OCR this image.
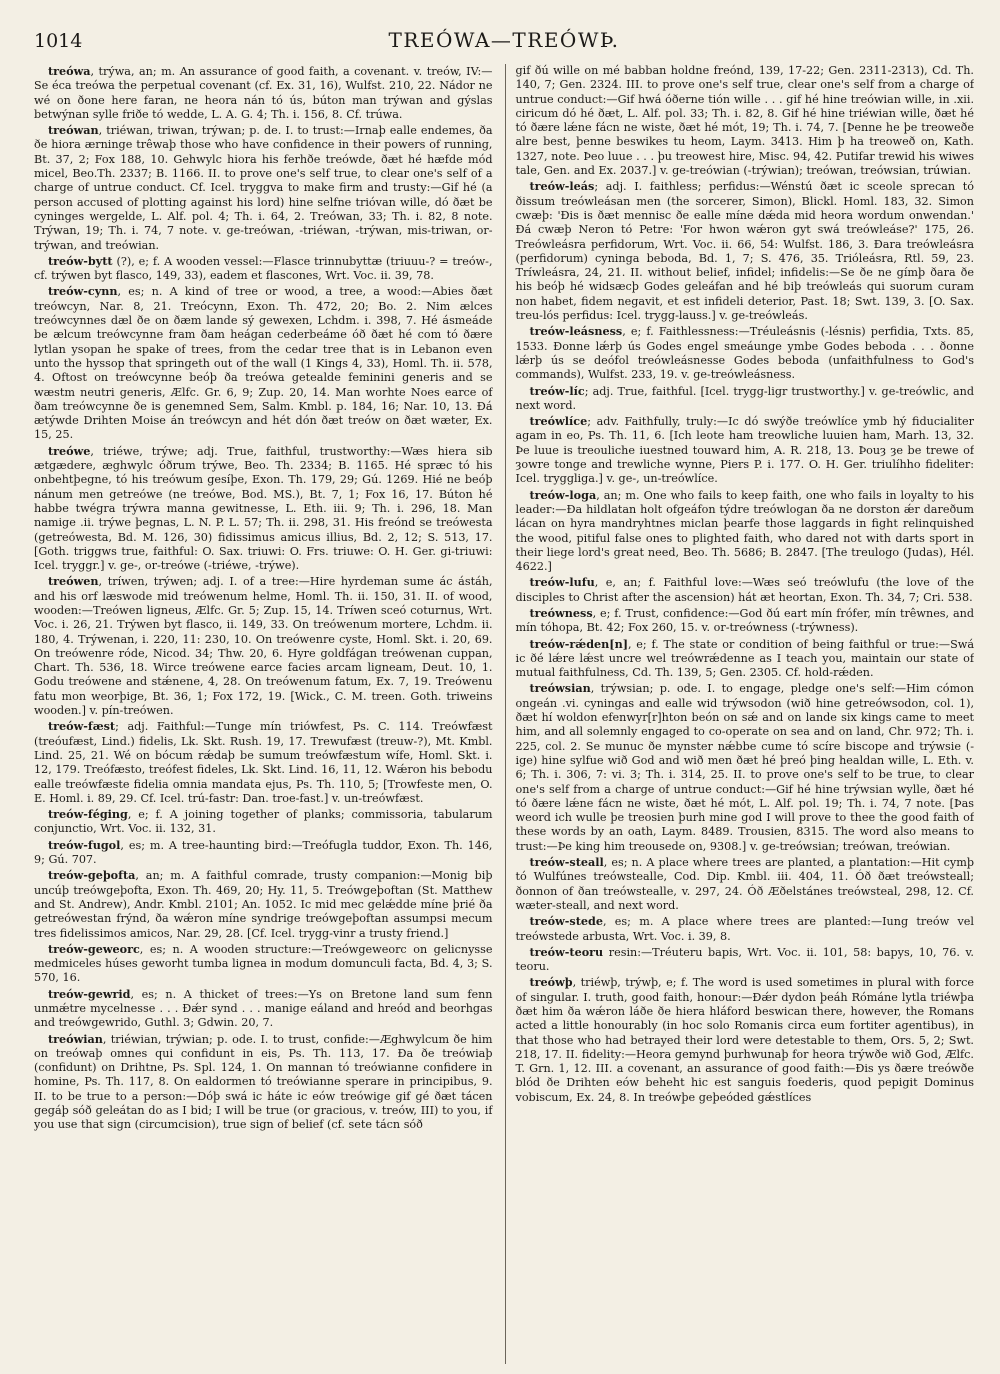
1014	TREÓWA—TREÓWÞ.

treówa, trýwa, an; m. An assurance of good faith, a covenant. v. treów, IV:—Se éca treówa the perpetual covenant (cf. Ex. 31, 16), Wulfst. 210, 22. Nádor ne wé on ðone here faran, ne heora nán tó ús, búton man trýwan and gýslas betwýnan sylle friðe tó wedde, L. A. G. 4; Th. i. 156, 8. Cf. trúwa.

treówan, triéwan, triwan, trýwan; p. de. I. to trust:—Irnaþ ealle endemes, ða ðe hiora ærninge trêwaþ those who have confidence in their powers of running, Bt. 37, 2; Fox 188, 10. Gehwylc hiora his ferhðe treówde, ðæt hé hæfde mód micel, Beo.Th. 2337; B. 1166. II. to prove one's self true, to clear one's self of a charge of untrue conduct. Cf. Icel. tryggva to make firm and trusty:—Gif hé (a person accused of plotting against his lord) hine selfne trióvan wille, dó ðæt be cyninges wergelde, L. Alf. pol. 4; Th. i. 64, 2. Treówan, 33; Th. i. 82, 8 note. Trýwan, 19; Th. i. 74, 7 note. v. ge-treówan, -triéwan, -trýwan, mis-triwan, or-trýwan, and treówian.

treów-bytt (?), e; f. A wooden vessel:—Flasce trinnubyttæ (triuuu-? = treów-, cf. trýwen byt flasco, 149, 33), eadem et flascones, Wrt. Voc. ii. 39, 78.

treów-cynn, es; n. A kind of tree or wood, a tree, a wood:—Abies ðæt treówcyn, Nar. 8, 21. Treócynn, Exon. Th. 472, 20; Bo. 2. Nim ælces treówcynnes dæl ðe on ðæm lande sý gewexen, Lchdm. i. 398, 7. Hé ásmeáde be ælcum treówcynne fram ðam heágan cederbeáme óð ðæt hé com tó ðære lytlan ysopan he spake of trees, from the cedar tree that is in Lebanon even unto the hyssop that springeth out of the wall (1 Kings 4, 33), Homl. Th. ii. 578, 4. Oftost on treówcynne beóþ ða treówa getealde feminini generis and se wæstm neutri generis, Ælfc. Gr. 6, 9; Zup. 20, 14. Man worhte Noes earce of ðam treówcynne ðe is genemned Sem, Salm. Kmbl. p. 184, 16; Nar. 10, 13. Ðá ætýwde Drihten Moise án treówcyn and hét dón ðæt treów on ðæt wæter, Ex. 15, 25.

treówe, triéwe, trýwe; adj. True, faithful, trustworthy:—Wæs hiera sib ætgædere, æghwylc óðrum trýwe, Beo. Th. 2334; B. 1165. Hé spræc tó his onbehtþegne, tó his treówum gesíþe, Exon. Th. 179, 29; Gú. 1269. Hié ne beóþ nánum men getreówe (ne treówe, Bod. MS.), Bt. 7, 1; Fox 16, 17. Búton hé habbe twégra trýwra manna gewitnesse, L. Eth. iii. 9; Th. i. 296, 18. Man namige .ii. trýwe þegnas, L. N. P. L. 57; Th. ii. 298, 31. His freónd se treówesta (getreówesta, Bd. M. 126, 30) fidissimus amicus illius, Bd. 2, 12; S. 513, 17. [Goth. triggws true, faithful: O. Sax. triuwi: O. Frs. triuwe: O. H. Ger. gi-triuwi: Icel. tryggr.] v. ge-, or-treówe (-triéwe, -trýwe).

treówen, tríwen, trýwen; adj. I. of a tree:—Hire hyrdeman sume ác ástáh, and his orf læswode mid treówenum helme, Homl. Th. ii. 150, 31. II. of wood, wooden:—Treówen ligneus, Ælfc. Gr. 5; Zup. 15, 14. Tríwen sceó coturnus, Wrt. Voc. i. 26, 21. Trýwen byt flasco, ii. 149, 33. On treówenum mortere, Lchdm. ii. 180, 4. Trýwenan, i. 220, 11: 230, 10. On treówenre cyste, Homl. Skt. i. 20, 69. On treówenre róde, Nicod. 34; Thw. 20, 6. Hyre goldfágan treówenan cuppan, Chart. Th. 536, 18. Wirce treówene earce facies arcam ligneam, Deut. 10, 1. Godu treówene and stǽnene, 4, 28. On treówenum fatum, Ex. 7, 19. Treówenu fatu mon weorþige, Bt. 36, 1; Fox 172, 19. [Wick., C. M. treen. Goth. triweins wooden.] v. pín-treówen.

treów-fæst; adj. Faithful:—Tunge mín triówfest, Ps. C. 114. Treówfæst (treóufæst, Lind.) fidelis, Lk. Skt. Rush. 19, 17. Trewufæst (treuw-?), Mt. Kmbl. Lind. 25, 21. Wé on bócum rǽdaþ be sumum treówfæstum wífe, Homl. Skt. i. 12, 179. Treófæsto, treófest fideles, Lk. Skt. Lind. 16, 11, 12. Wǽron his bebodu ealle treówfæste fidelia omnia mandata ejus, Ps. Th. 110, 5; [Trowfeste men, O. E. Homl. i. 89, 29. Cf. Icel. trú-fastr: Dan. troe-fast.] v. un-treówfæst.

treów-féging, e; f. A joining together of planks; commissoria, tabularum conjunctio, Wrt. Voc. ii. 132, 31.

treów-fugol, es; m. A tree-haunting bird:—Treófugla tuddor, Exon. Th. 146, 9; Gú. 707.

treów-geþofta, an; m. A faithful comrade, trusty companion:—Monig biþ uncúþ treówgeþofta, Exon. Th. 469, 20; Hy. 11, 5. Treówgeþoftan (St. Matthew and St. Andrew), Andr. Kmbl. 2101; An. 1052. Ic mid mec gelǽdde míne þrié ða getreówestan frýnd, ða wǽron míne syndrige treówgeþoftan assumpsi mecum tres fidelissimos amicos, Nar. 29, 28. [Cf. Icel. trygg-vinr a trusty friend.]

treów-geweorc, es; n. A wooden structure:—Treówgeweorc on gelicnysse medmiceles húses geworht tumba lignea in modum domunculi facta, Bd. 4, 3; S. 570, 16.

treów-gewrid, es; n. A thicket of trees:—Ys on Bretone land sum fenn unmǽtre mycelnesse . . . Ðǽr synd . . . manige eáland and hreód and beorhgas and treówgewrido, Guthl. 3; Gdwin. 20, 7.

treówian, triéwian, trýwian; p. ode. I. to trust, confide:—Æghwylcum ðe him on treówaþ omnes qui confidunt in eis, Ps. Th. 113, 17. Ða ðe treówiaþ (confidunt) on Drihtne, Ps. Spl. 124, 1. On mannan tó treówianne confidere in homine, Ps. Th. 117, 8. On ealdormen tó treówianne sperare in principibus, 9. II. to be true to a person:—Dóþ swá ic háte ic eów treówige gif gé ðæt tácen gegáþ sóð geleátan do as I bid; I will be true (or gracious, v. treów, III) to you, if you use that sign (circumcision), true sign of belief (cf. sete tácn sóð

gif ðú wille on mé babban holdne freónd, 139, 17-22; Gen. 2311-2313), Cd. Th. 140, 7; Gen. 2324. III. to prove one's self true, clear one's self from a charge of untrue conduct:—Gif hwá óðerne tión wille . . . gif hé hine treówian wille, in .xii. ciricum dó hé ðæt, L. Alf. pol. 33; Th. i. 82, 8. Gif hé hine triéwian wille, ðæt hé tó ðære lǽne fácn ne wiste, ðæt hé mót, 19; Th. i. 74, 7. [Þenne he þe treoweðe alre best, þenne beswikes tu heom, Laym. 3413. Him þ ha treoweð on, Kath. 1327, note. Þeo luue . . . þu treowest hire, Misc. 94, 42. Putifar trewid his wiwes tale, Gen. and Ex. 2037.] v. ge-treówian (-trýwian); treówan, treówsian, trúwian.

treów-leás; adj. I. faithless; perfidus:—Wénstú ðæt ic sceole sprecan tó ðissum treówleásan men (the sorcerer, Simon), Blickl. Homl. 183, 32. Simon cwæþ: 'Ðis is ðæt mennisc ðe ealle míne dǽda mid heora wordum onwendan.' Ðá cwæþ Neron tó Petre: 'For hwon wǽron gyt swá treówleáse?' 175, 26. Treówleásra perfidorum, Wrt. Voc. ii. 66, 54: Wulfst. 186, 3. Ðara treówleásra (perfidorum) cyninga beboda, Bd. 1, 7; S. 476, 35. Triólеásra, Rtl. 59, 23. Tríwleásra, 24, 21. II. without belief, infidel; infidelis:—Se ðe ne gímþ ðara ðe his beóþ hé widsæcþ Godes geleáfan and hé biþ treówleás qui suorum curam non habet, fidem negavit, et est infideli deterior, Past. 18; Swt. 139, 3. [O. Sax. treu-lós perfidus: Icel. trygg-lauss.] v. ge-treówleás.

treów-leásness, e; f. Faithlessness:—Tréuleásnis (-lésnis) perfidia, Txts. 85, 1533. Ðonne lǽrþ ús Godes engel smeáunge ymbe Godes beboda . . . ðonne lǽrþ ús se deófol treówleásnesse Godes beboda (unfaithfulness to God's commands), Wulfst. 233, 19. v. ge-treówleásness.

treów-líc; adj. True, faithful. [Icel. trygg-ligr trustworthy.] v. ge-treówlic, and next word.

treówlíce; adv. Faithfully, truly:—Ic dó swýðe treówlíce ymb hý fiducialiter agam in eo, Ps. Th. 11, 6. [Ich leote ham treowliche luuien ham, Marh. 13, 32. Þe luue is treouliche iuestned touward him, A. R. 218, 13. Þouȝ ȝe be trewe of ȝowre tonge and trewliche wynne, Piers P. i. 177. O. H. Ger. triulíhho fideliter: Icel. tryggliga.] v. ge-, un-treówlíce.

treów-loga, an; m. One who fails to keep faith, one who fails in loyalty to his leader:—Ða hildlatan holt ofgeáfon týdre treówlogan ða ne dorston ǽr dareðum lácan on hyra mandryhtnes miclan þearfe those laggards in fight relinquished the wood, pitiful false ones to plighted faith, who dared not with darts sport in their liege lord's great need, Beo. Th. 5686; B. 2847. [The treulogo (Judas), Hél. 4622.]

treów-lufu, e, an; f. Faithful love:—Wæs seó treówlufu (the love of the disciples to Christ after the ascension) hát æt heortan, Exon. Th. 34, 7; Cri. 538.

treówness, e; f. Trust, confidence:—God ðú eart mín frófer, mín trêwnes, and mín tóhopa, Bt. 42; Fox 260, 15. v. or-treówness (-trýwness).

treów-rǽden[n], e; f. The state or condition of being faithful or true:—Swá ic ðé lǽre lǽst uncre wel treówrǽdenne as I teach you, maintain our state of mutual faithfulness, Cd. Th. 139, 5; Gen. 2305. Cf. hold-rǽden.

treówsian, trýwsian; p. ode. I. to engage, pledge one's self:—Him cómon ongeán .vi. cyningas and ealle wid trýwsodon (wið hine getreówsodon, col. 1), ðæt hí woldon efenwyr[r]hton beón on sǽ and on lande six kings came to meet him, and all solemnly engaged to co-operate on sea and on land, Chr. 972; Th. i. 225, col. 2. Se munuc ðe mynster nǽbbe cume tó scíre biscope and trýwsie (-ige) hine sylfue wið God and wið men ðæt hé þreó þing healdan wille, L. Eth. v. 6; Th. i. 306, 7: vi. 3; Th. i. 314, 25. II. to prove one's self to be true, to clear one's self from a charge of untrue conduct:—Gif hé hine trýwsian wylle, ðæt hé tó ðære lǽne fácn ne wiste, ðæt hé mót, L. Alf. pol. 19; Th. i. 74, 7 note. [Þas weord ich wulle þe treosien þurh mine god I will prove to thee the good faith of these words by an oath, Laym. 8489. Trousien, 8315. The word also means to trust:—Þe king him treousede on, 9308.] v. ge-treówsian; treówan, treówian.

treów-steall, es; n. A place where trees are planted, a plantation:—Hit cymþ tó Wulfúnes treówstealle, Cod. Dip. Kmbl. iii. 404, 11. Óð ðæt treówsteall; ðonnon of ðan treówstealle, v. 297, 24. Óð Æðelstánes treówsteal, 298, 12. Cf. wæter-steall, and next word.

treów-stede, es; m. A place where trees are planted:—Iung treów vel treówstede arbusta, Wrt. Voc. i. 39, 8.

treów-teoru resin:—Tréuteru bapis, Wrt. Voc. ii. 101, 58: bapys, 10, 76. v. teoru.

treówþ, triéwþ, trýwþ, e; f. The word is used sometimes in plural with force of singular. I. truth, good faith, honour:—Ðǽr dydon þeáh Rómáne lytla triéwþa ðæt him ða wǽron láðe ðe hiera hláford beswican there, however, the Romans acted a little honourably (in hoc solo Romanis circa eum fortiter agentibus), in that those who had betrayed their lord were detestable to them, Ors. 5, 2; Swt. 218, 17. II. fidelity:—Heora gemynd þurhwunaþ for heora trýwðe wið God, Ælfc. T. Grn. 1, 12. III. a covenant, an assurance of good faith:—Ðis ys ðære treówðe blód ðe Drihten eów beheht hic est sanguis foederis, quod pepigit Dominus vobiscum, Ex. 24, 8. In treówþe geþeóded gǽstlíces
